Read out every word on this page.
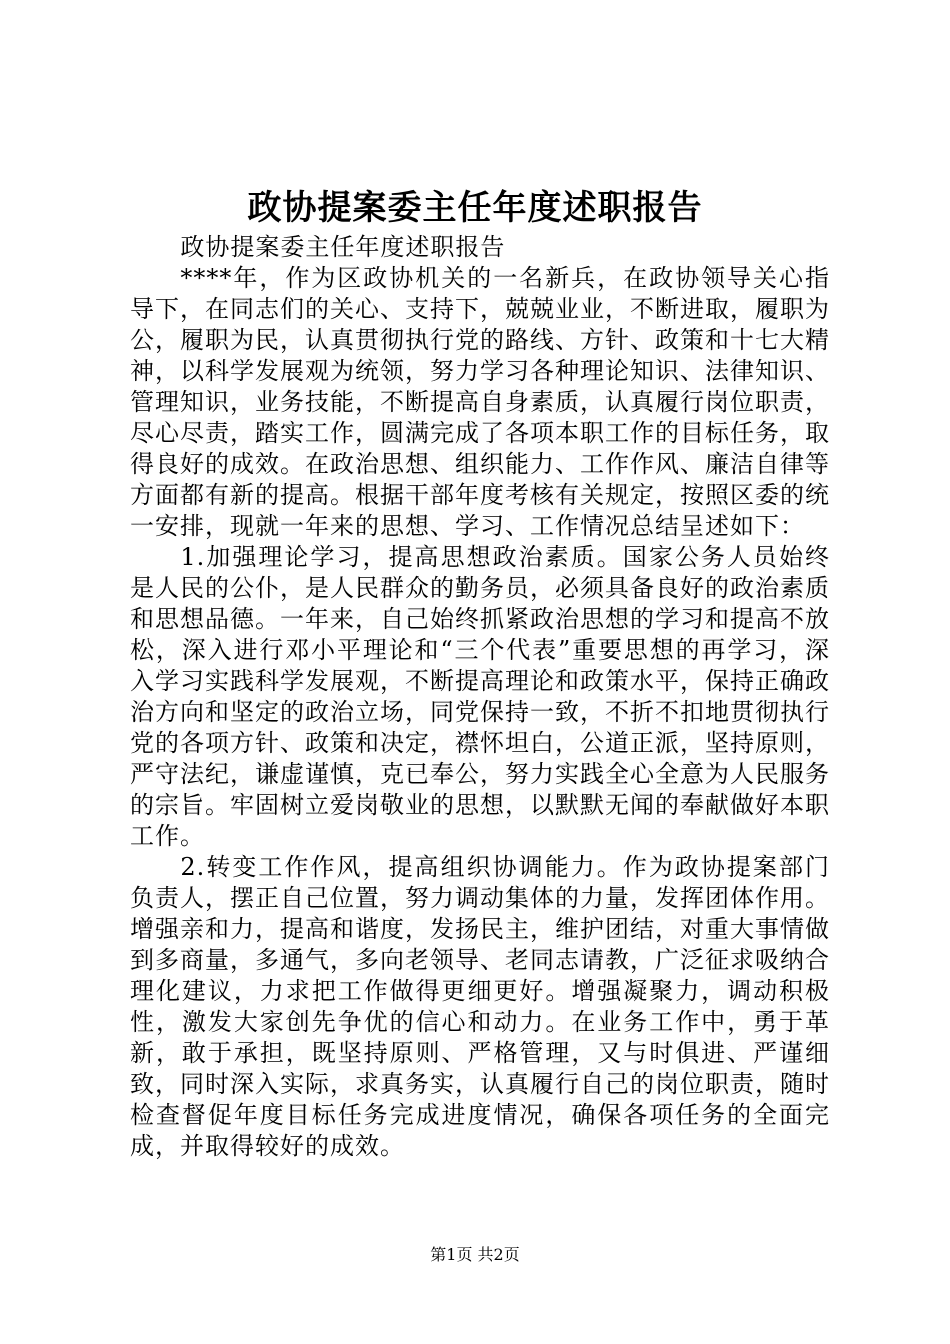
政协提案委主任年度述职报告

政协提案委主任年度述职报告

****年，作为区政协机关的一名新兵，在政协领导关心指导下，在同志们的关心、支持下，兢兢业业，不断进取，履职为公，履职为民，认真贯彻执行党的路线、方针、政策和十七大精神，以科学发展观为统领，努力学习各种理论知识、法律知识、管理知识，业务技能，不断提高自身素质，认真履行岗位职责，尽心尽责，踏实工作，圆满完成了各项本职工作的目标任务，取得良好的成效。在政治思想、组织能力、工作作风、廉洁自律等方面都有新的提高。根据干部年度考核有关规定，按照区委的统一安排，现就一年来的思想、学习、工作情况总结呈述如下：

1.加强理论学习，提高思想政治素质。国家公务人员始终是人民的公仆，是人民群众的勤务员，必须具备良好的政治素质和思想品德。一年来，自己始终抓紧政治思想的学习和提高不放松，深入进行邓小平理论和“三个代表”重要思想的再学习，深入学习实践科学发展观，不断提高理论和政策水平，保持正确政治方向和坚定的政治立场，同党保持一致，不折不扣地贯彻执行党的各项方针、政策和决定，襟怀坦白，公道正派，坚持原则，严守法纪，谦虚谨慎，克已奉公，努力实践全心全意为人民服务的宗旨。牢固树立爱岗敬业的思想，以默默无闻的奉献做好本职工作。

2.转变工作作风，提高组织协调能力。作为政协提案部门负责人，摆正自己位置，努力调动集体的力量，发挥团体作用。增强亲和力，提高和谐度，发扬民主，维护团结，对重大事情做到多商量，多通气，多向老领导、老同志请教，广泛征求吸纳合理化建议，力求把工作做得更细更好。增强凝聚力，调动积极性，激发大家创先争优的信心和动力。在业务工作中，勇于革新，敢于承担，既坚持原则、严格管理，又与时俱进、严谨细致，同时深入实际，求真务实，认真履行自己的岗位职责，随时检查督促年度目标任务完成进度情况，确保各项任务的全面完成，并取得较好的成效。

第1页 共2页
